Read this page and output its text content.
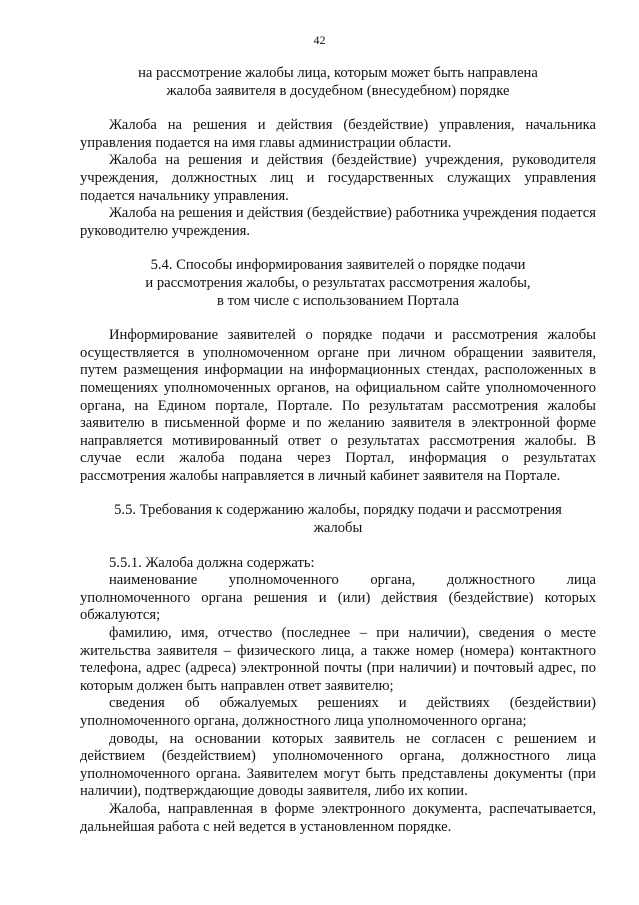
42

на рассмотрение жалобы лица, которым может быть направлена

жалоба заявителя в досудебном (внесудебном) порядке

Жалоба на решения и действия (бездействие) управления, начальника управления подается на имя главы администрации области.

Жалоба на решения и действия (бездействие) учреждения, руководителя учреждения, должностных лиц и государственных служащих управления подается начальнику управления.

Жалоба на решения и действия (бездействие) работника учреждения подается руководителю учреждения.

5.4. Способы информирования заявителей о порядке подачи

и рассмотрения жалобы, о результатах рассмотрения жалобы,

в том числе с использованием Портала

Информирование заявителей о порядке подачи и рассмотрения жалобы осуществляется в уполномоченном органе при личном обращении заявителя, путем размещения информации на информационных стендах, расположенных в помещениях уполномоченных органов, на официальном сайте уполномоченного органа, на Едином портале, Портале. По результатам рассмотрения жалобы заявителю в письменной форме и по желанию заявителя в электронной форме направляется мотивированный ответ о результатах рассмотрения жалобы. В случае если жалоба подана через Портал, информация о результатах рассмотрения жалобы направляется в личный кабинет заявителя на Портале.

5.5. Требования к содержанию жалобы, порядку подачи и рассмотрения

жалобы

5.5.1. Жалоба должна содержать:

наименование уполномоченного органа, должностного лица уполномоченного органа решения и (или) действия (бездействие) которых обжалуются;

фамилию, имя, отчество (последнее – при наличии), сведения о месте жительства заявителя – физического лица, а также номер (номера) контактного телефона, адрес (адреса) электронной почты (при наличии) и почтовый адрес, по которым должен быть направлен ответ заявителю;

сведения об обжалуемых решениях и действиях (бездействии) уполномоченного органа, должностного лица уполномоченного органа;

доводы, на основании которых заявитель не согласен с решением и действием (бездействием) уполномоченного органа, должностного лица уполномоченного органа. Заявителем могут быть представлены документы (при наличии), подтверждающие доводы заявителя, либо их копии.

Жалоба, направленная в форме электронного документа, распечатывается, дальнейшая работа с ней ведется в установленном порядке.
